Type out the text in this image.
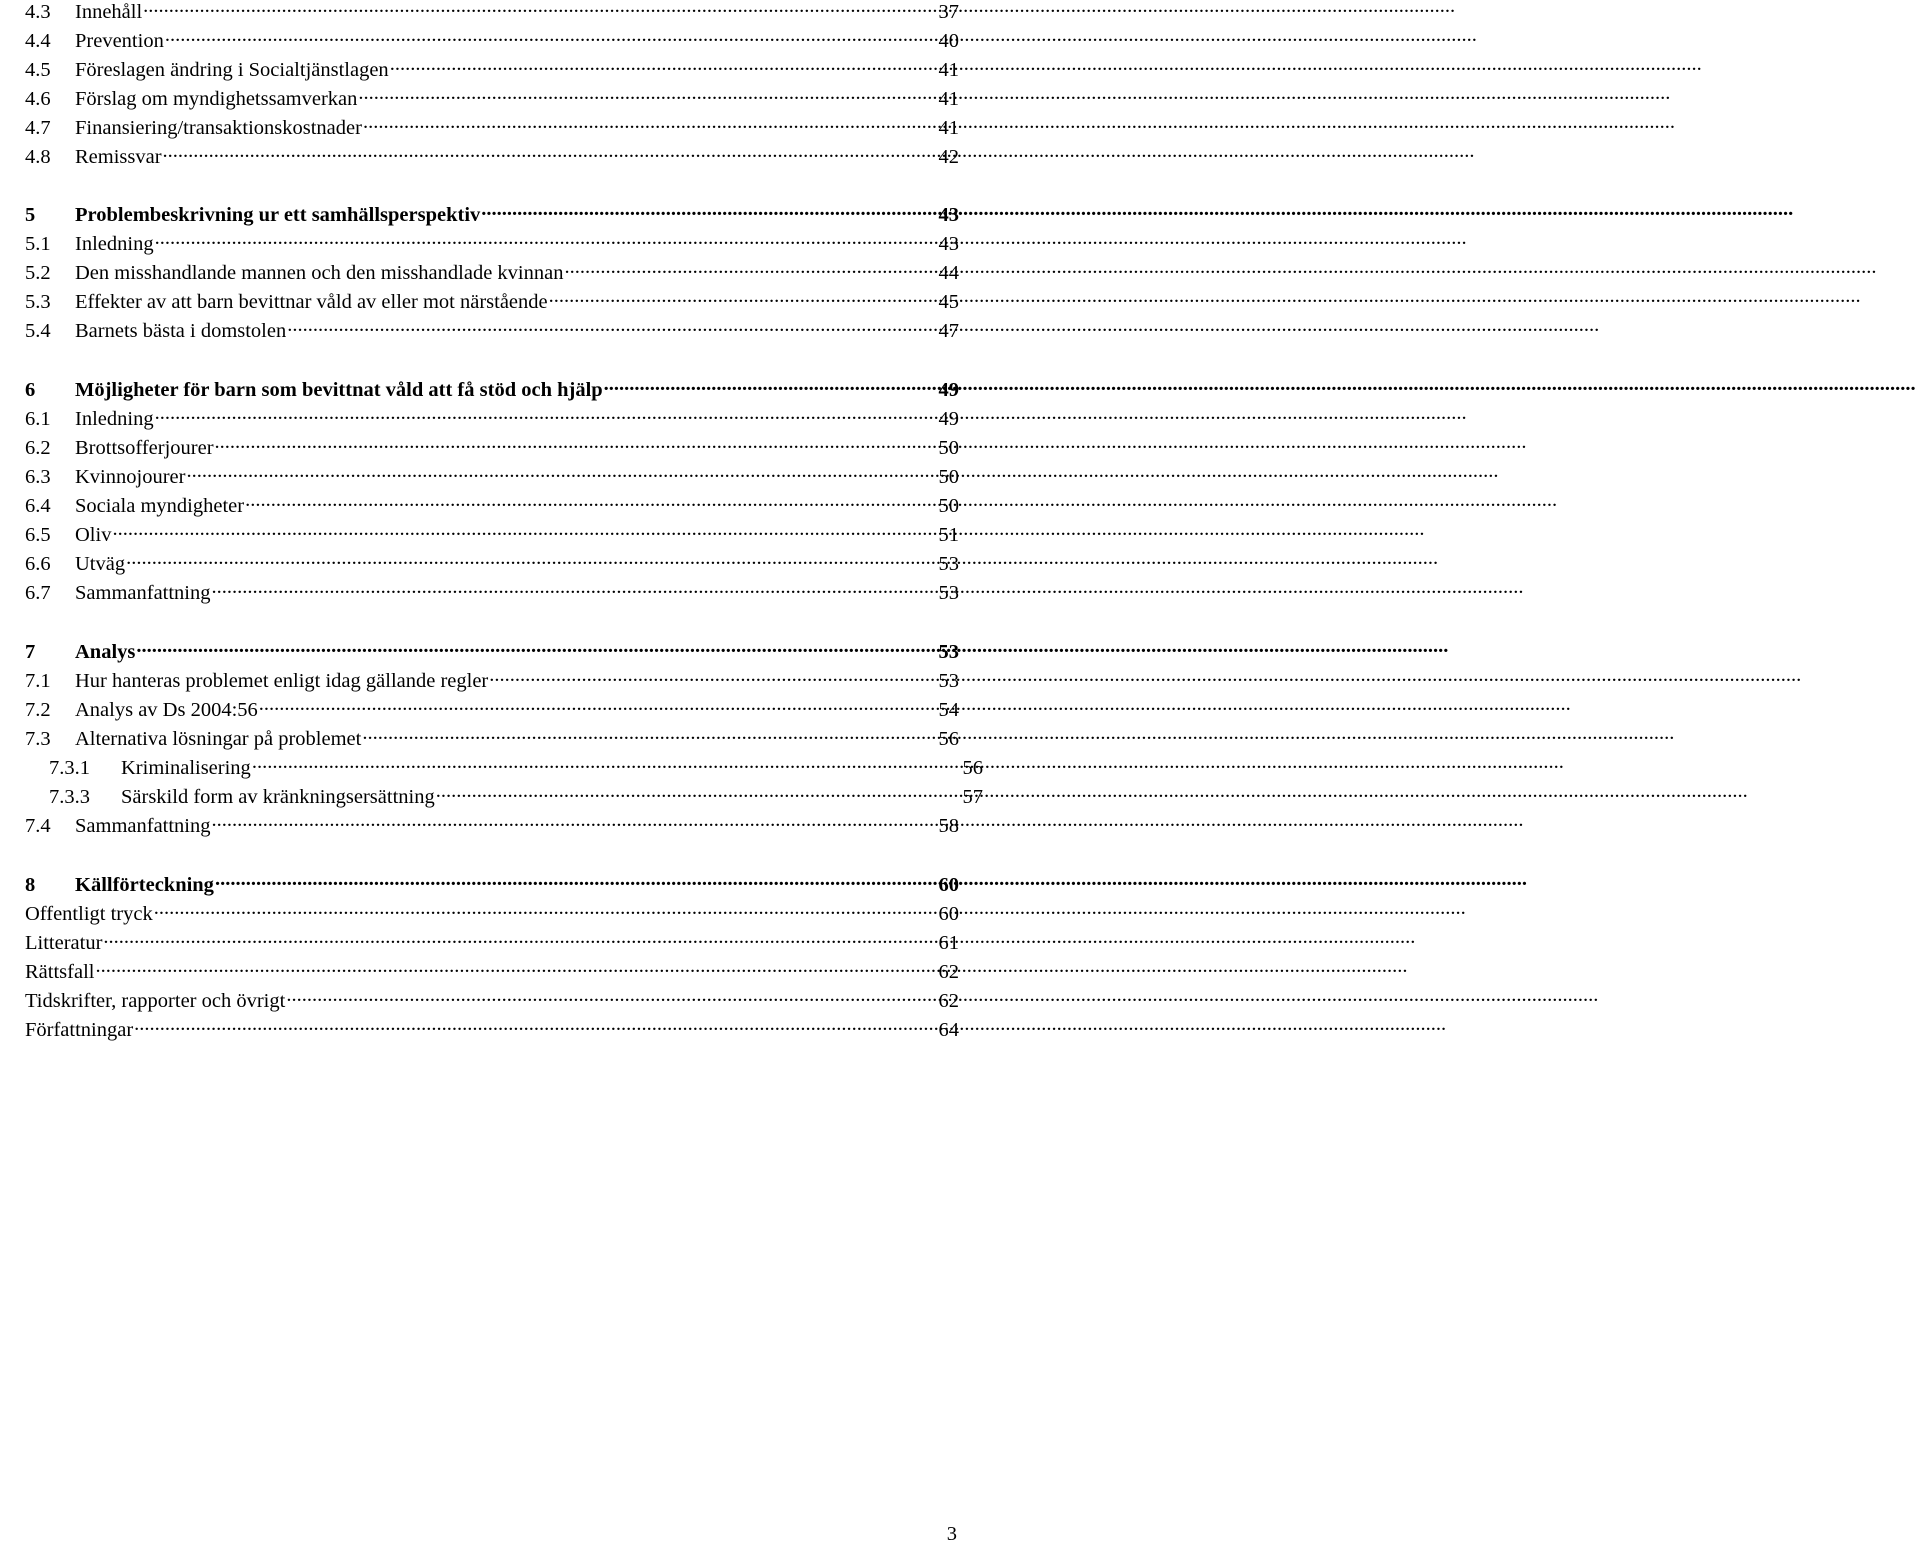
4.3	Innehåll .....	37
4.4	Prevention .....	40
4.5	Föreslagen ändring i Socialtjänstlagen .....	41
4.6	Förslag om myndighetssamverkan .....	41
4.7	Finansiering/transaktionskostnader .....	41
4.8	Remissvar .....	42
5	Problembeskrivning ur ett samhällsperspektiv .....	43
5.1	Inledning .....	43
5.2	Den misshandlande mannen och den misshandlade kvinnan .....	44
5.3	Effekter av att barn bevittnar våld av eller mot närstående .....	45
5.4	Barnets bästa i domstolen .....	47
6	Möjligheter för barn som bevittnat våld att få stöd och hjälp .....	49
6.1	Inledning .....	49
6.2	Brottsofferjourer .....	50
6.3	Kvinnojourer .....	50
6.4	Sociala myndigheter .....	50
6.5	Oliv .....	51
6.6	Utväg .....	53
6.7	Sammanfattning .....	53
7	Analys .....	53
7.1	Hur hanteras problemet enligt idag gällande regler .....	53
7.2	Analys av Ds 2004:56 .....	54
7.3	Alternativa lösningar på problemet .....	56
7.3.1	Kriminalisering .....	56
7.3.3	Särskild form av kränkningsersättning .....	57
7.4	Sammanfattning .....	58
8	Källförteckning .....	60
Offentligt tryck .....	60
Litteratur .....	61
Rättsfall .....	62
Tidskrifter, rapporter och övrigt .....	62
Författningar .....	64
3
